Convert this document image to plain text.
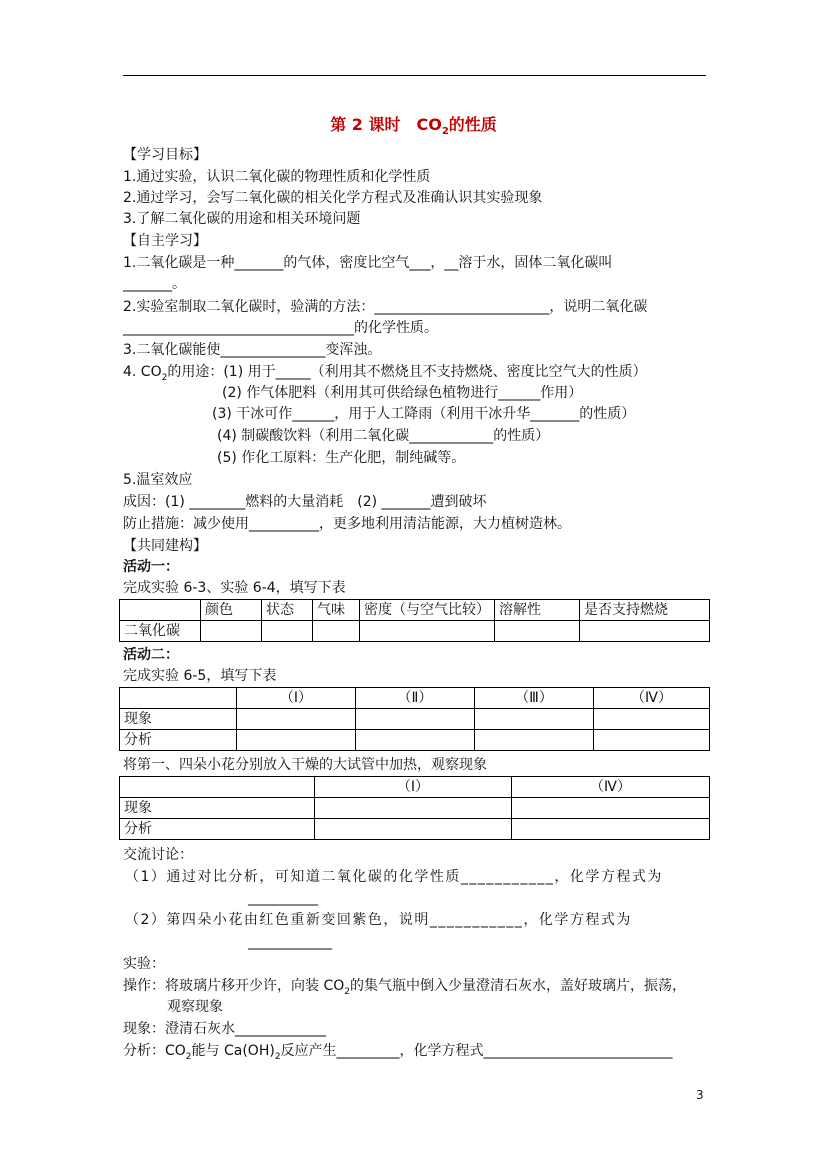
第 2 课时　$CO_2$的性质
【学习目标】
1.通过实验，认识二氧化碳的物理性质和化学性质
2.通过学习，会写二氧化碳的相关化学方程式及准确认识其实验现象
3.了解二氧化碳的用途和相关环境问题
【自主学习】
1.二氧化碳是一种_______的气体，密度比空气___，__溶于水，固体二氧化碳叫
_______。
2.实验室制取二氧化碳时，验满的方法：_________________________，说明二氧化碳
_________________________________的化学性质。
3.二氧化碳能使_______________变浑浊。
4. $CO_2$的用途：(1) 用于_____（利用其不燃烧且不支持燃烧、密度比空气大的性质）
(2) 作气体肥料（利用其可供给绿色植物进行______作用）
(3) 干冰可作______，用于人工降雨（利用干冰升华_______的性质）
(4) 制碳酸饮料（利用二氧化碳____________的性质）
(5) 作化工原料：生产化肥，制纯碱等。
5.温室效应
成因：(1) ________燃料的大量消耗　(2) _______遭到破坏
防止措施：减少使用__________，更多地利用清洁能源，大力植树造林。
【共同建构】
活动一：
完成实验 6-3、实验 6-4，填写下表
	颜色	状态	气味	密度（与空气比较）	溶解性	是否支持燃烧
二氧化碳						
活动二：
完成实验 6-5，填写下表
	（Ⅰ）	（Ⅱ）	（Ⅲ）	（Ⅳ）
现象				
分析				
将第一、四朵小花分别放入干燥的大试管中加热，观察现象
	（Ⅰ）	（Ⅳ）
现象		
分析		
交流讨论：
（1）通过对比分析，可知道二氧化碳的化学性质___________，化学方程式为
__________
（2）第四朵小花由红色重新变回紫色，说明___________，化学方程式为
____________
实验：
操作：将玻璃片移开少许，向装 $CO_2$的集气瓶中倒入少量澄清石灰水，盖好玻璃片，振荡，
观察现象
现象：澄清石灰水_____________
分析：$CO_2$能与 $Ca(OH)_2$反应产生_________，化学方程式___________________________
3
